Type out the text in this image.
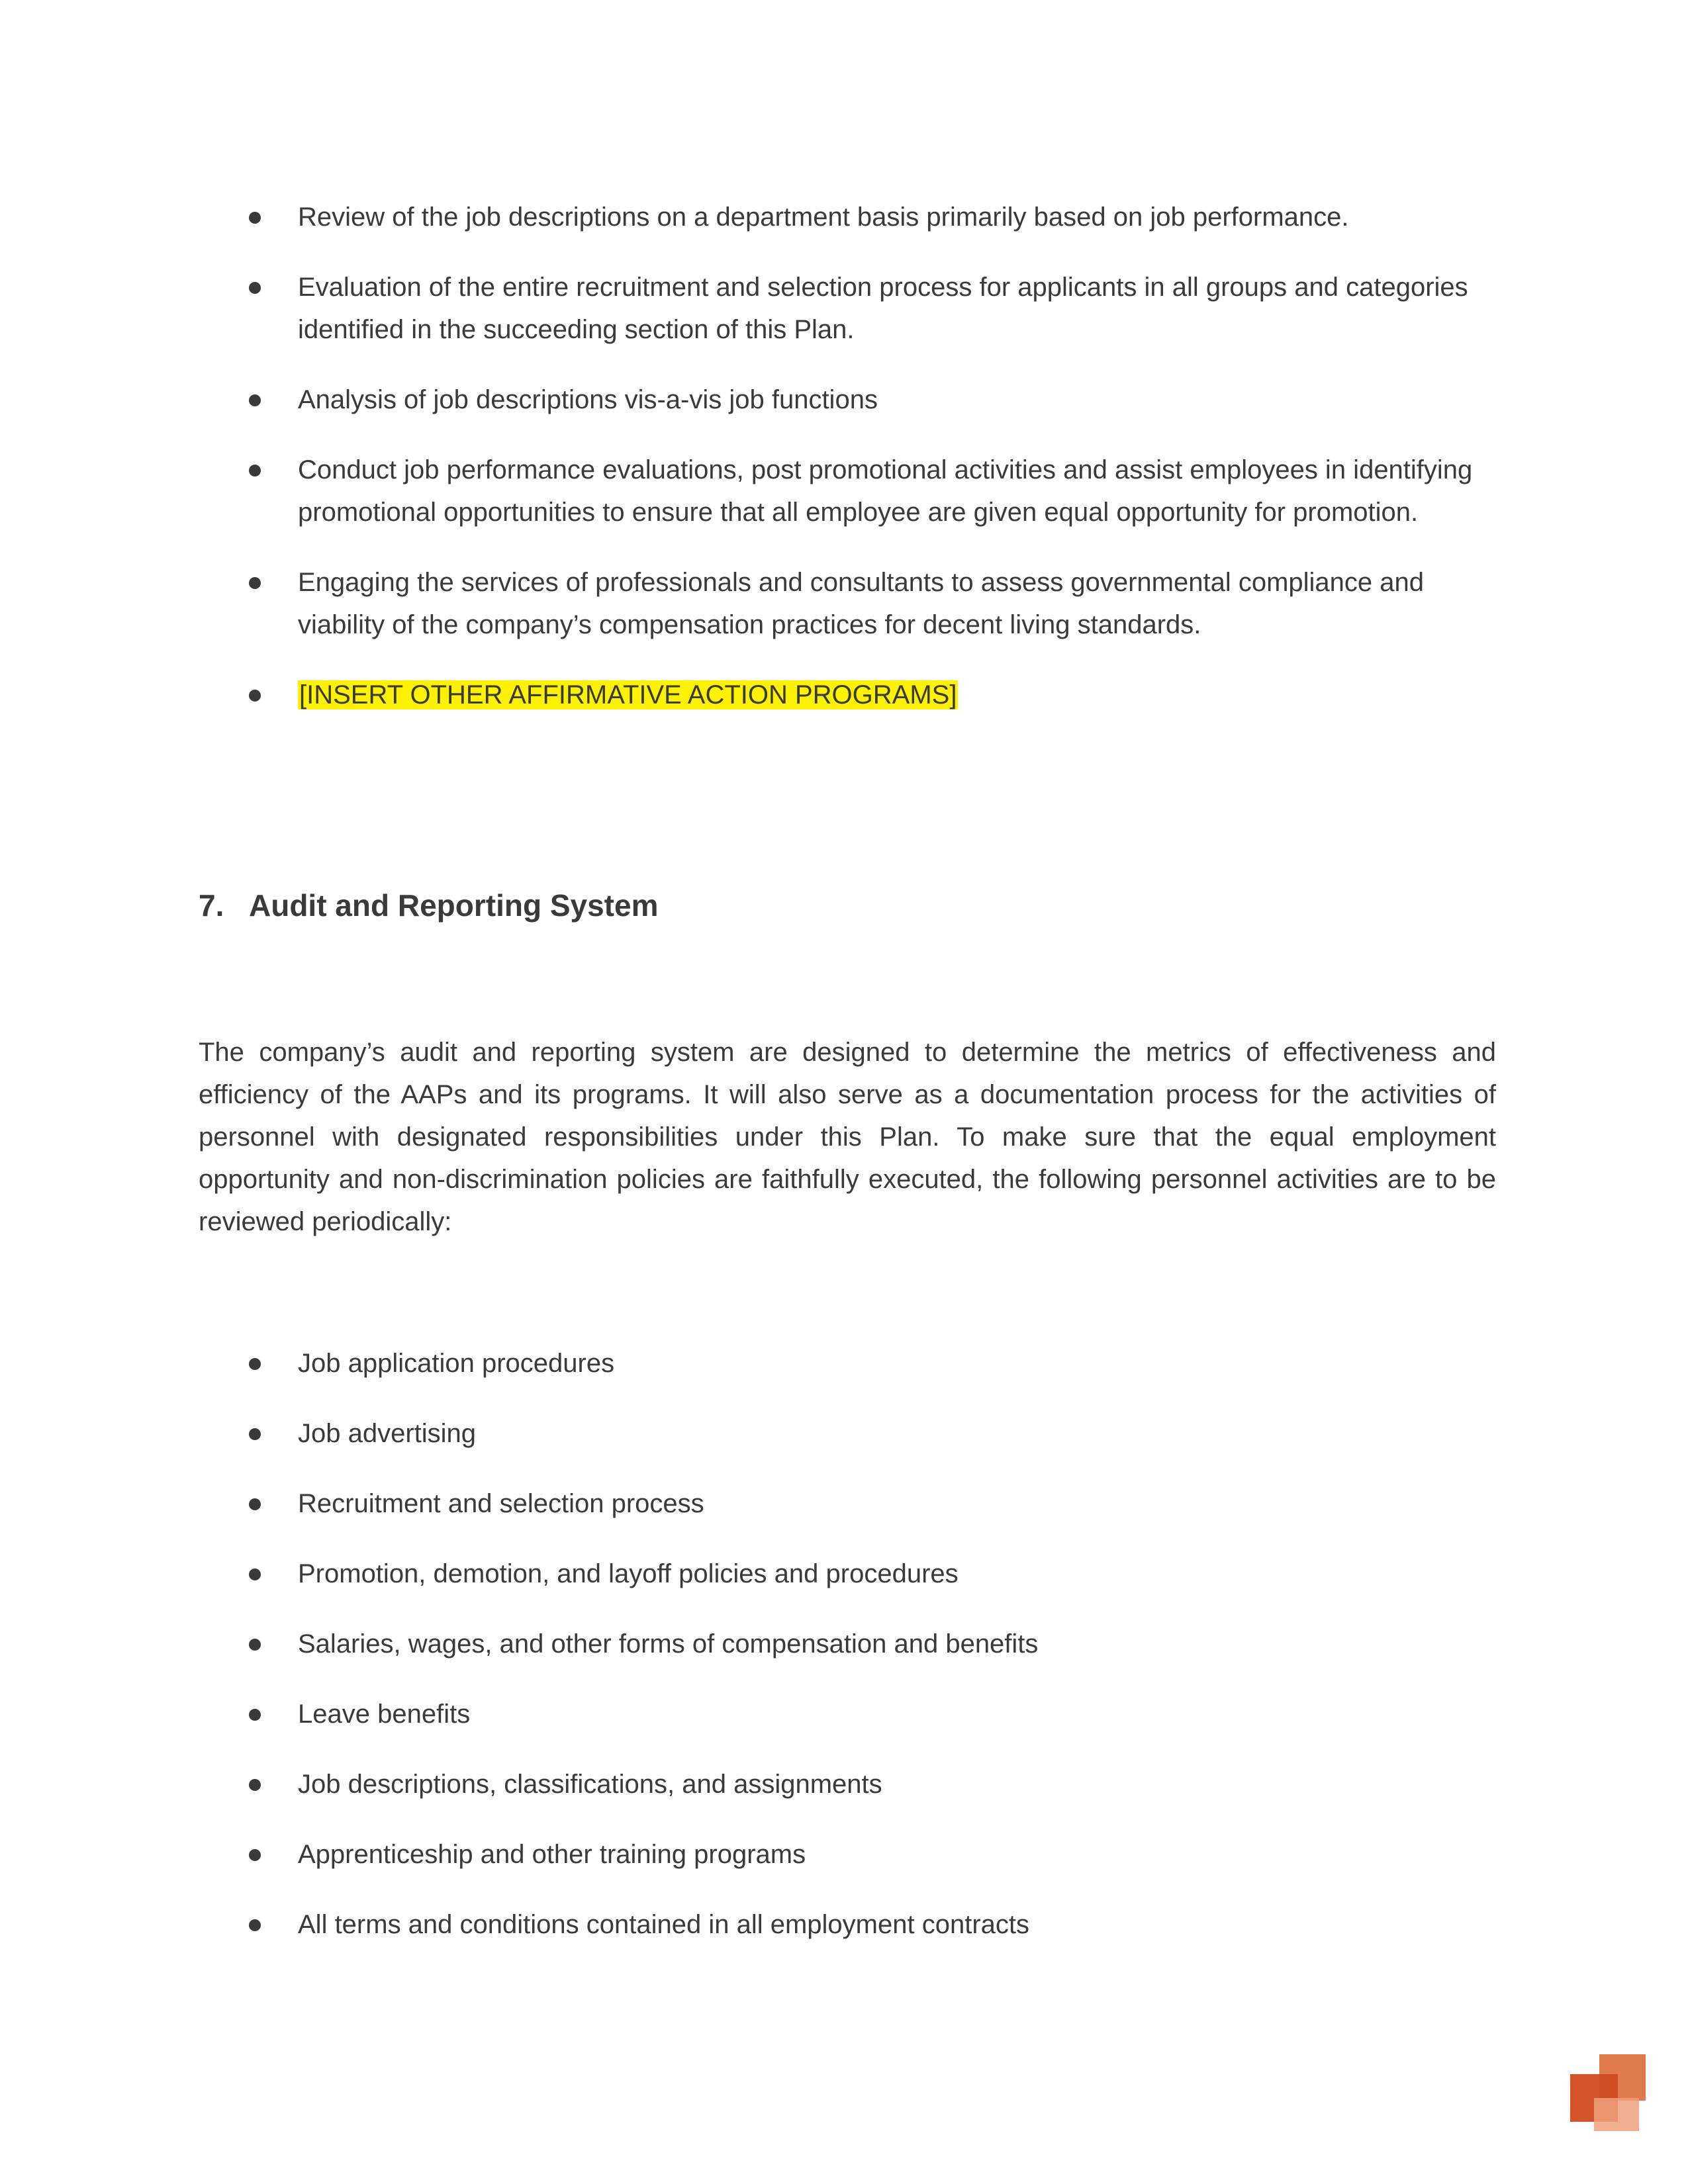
Review of the job descriptions on a department basis primarily based on job performance.
Evaluation of the entire recruitment and selection process for applicants in all groups and categories identified in the succeeding section of this Plan.
Analysis of job descriptions vis-a-vis job functions
Conduct job performance evaluations, post promotional activities and assist employees in identifying promotional opportunities to ensure that all employee are given equal opportunity for promotion.
Engaging the services of professionals and consultants to assess governmental compliance and viability of the company’s compensation practices for decent living standards.
[INSERT OTHER AFFIRMATIVE ACTION PROGRAMS]
7. Audit and Reporting System

The company’s audit and reporting system are designed to determine the metrics of effectiveness and efficiency of the AAPs and its programs. It will also serve as a documentation process for the activities of personnel with designated responsibilities under this Plan. To make sure that the equal employment opportunity and non-discrimination policies are faithfully executed, the following personnel activities are to be reviewed periodically:

Job application procedures
Job advertising
Recruitment and selection process
Promotion, demotion, and layoff policies and procedures
Salaries, wages, and other forms of compensation and benefits
Leave benefits
Job descriptions, classifications, and assignments
Apprenticeship and other training programs
All terms and conditions contained in all employment contracts
